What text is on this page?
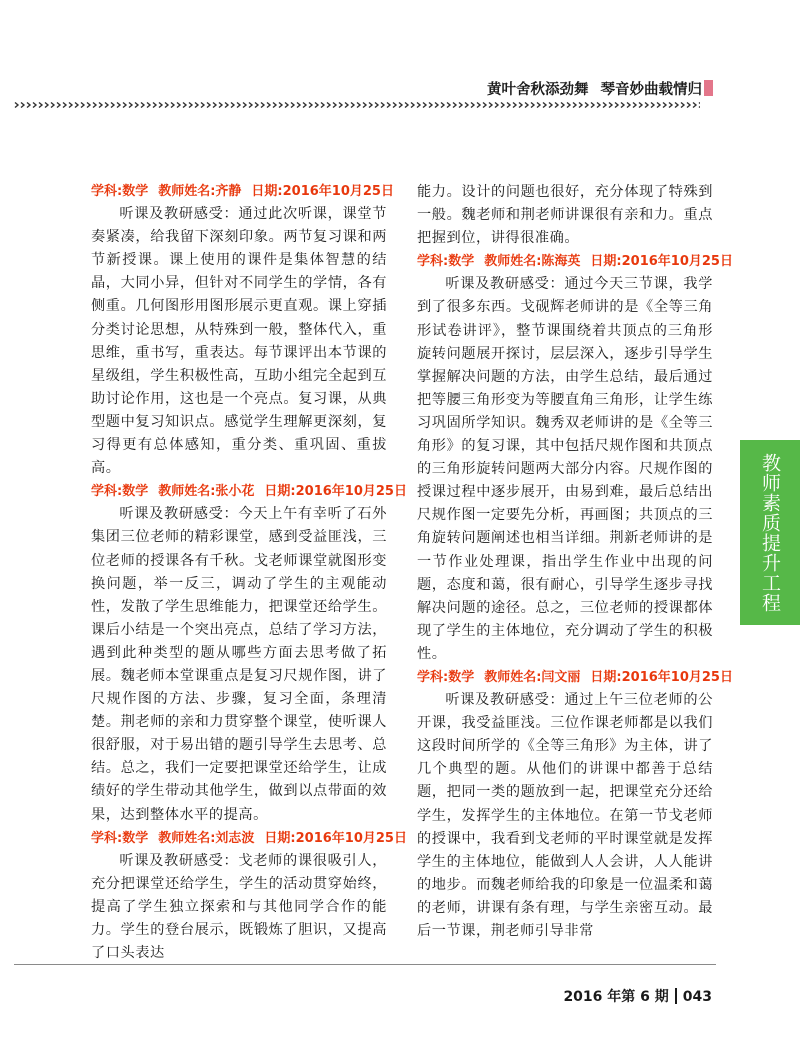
黄叶舍秋添劲舞 琴音妙曲载情归

学科:数学 教师姓名:齐静 日期:2016年10月25日

听课及教研感受：通过此次听课，课堂节奏紧凑，给我留下深刻印象。两节复习课和两节新授课。课上使用的课件是集体智慧的结晶，大同小异，但针对不同学生的学情，各有侧重。几何图形用图形展示更直观。课上穿插分类讨论思想，从特殊到一般，整体代入，重思维，重书写，重表达。每节课评出本节课的星级组，学生积极性高，互助小组完全起到互助讨论作用，这也是一个亮点。复习课，从典型题中复习知识点。感觉学生理解更深刻，复习得更有总体感知，重分类、重巩固、重拔高。

学科:数学 教师姓名:张小花 日期:2016年10月25日

听课及教研感受：今天上午有幸听了石外集团三位老师的精彩课堂，感到受益匪浅，三位老师的授课各有千秋。戈老师课堂就图形变换问题，举一反三，调动了学生的主观能动性，发散了学生思维能力，把课堂还给学生。课后小结是一个突出亮点，总结了学习方法，遇到此种类型的题从哪些方面去思考做了拓展。魏老师本堂课重点是复习尺规作图，讲了尺规作图的方法、步骤，复习全面，条理清楚。荆老师的亲和力贯穿整个课堂，使听课人很舒服，对于易出错的题引导学生去思考、总结。总之，我们一定要把课堂还给学生，让成绩好的学生带动其他学生，做到以点带面的效果，达到整体水平的提高。

学科:数学 教师姓名:刘志波 日期:2016年10月25日

听课及教研感受：戈老师的课很吸引人，充分把课堂还给学生，学生的活动贯穿始终，提高了学生独立探索和与其他同学合作的能力。学生的登台展示，既锻炼了胆识，又提高了口头表达

能力。设计的问题也很好，充分体现了特殊到一般。魏老师和荆老师讲课很有亲和力。重点把握到位，讲得很准确。

学科:数学 教师姓名:陈海英 日期:2016年10月25日

听课及教研感受：通过今天三节课，我学到了很多东西。戈砚辉老师讲的是《全等三角形试卷讲评》，整节课围绕着共顶点的三角形旋转问题展开探讨，层层深入，逐步引导学生掌握解决问题的方法，由学生总结，最后通过把等腰三角形变为等腰直角三角形，让学生练习巩固所学知识。魏秀双老师讲的是《全等三角形》的复习课，其中包括尺规作图和共顶点的三角形旋转问题两大部分内容。尺规作图的授课过程中逐步展开，由易到难，最后总结出尺规作图一定要先分析，再画图；共顶点的三角旋转问题阐述也相当详细。荆新老师讲的是一节作业处理课，指出学生作业中出现的问题，态度和蔼，很有耐心，引导学生逐步寻找解决问题的途径。总之，三位老师的授课都体现了学生的主体地位，充分调动了学生的积极性。

学科:数学 教师姓名:闫文丽 日期:2016年10月25日

听课及教研感受：通过上午三位老师的公开课，我受益匪浅。三位作课老师都是以我们这段时间所学的《全等三角形》为主体，讲了几个典型的题。从他们的讲课中都善于总结题，把同一类的题放到一起，把课堂充分还给学生，发挥学生的主体地位。在第一节戈老师的授课中，我看到戈老师的平时课堂就是发挥学生的主体地位，能做到人人会讲，人人能讲的地步。而魏老师给我的印象是一位温柔和蔼的老师，讲课有条有理，与学生亲密互动。最后一节课，荆老师引导非常

教师素质提升工程
2016 年第 6 期 043
